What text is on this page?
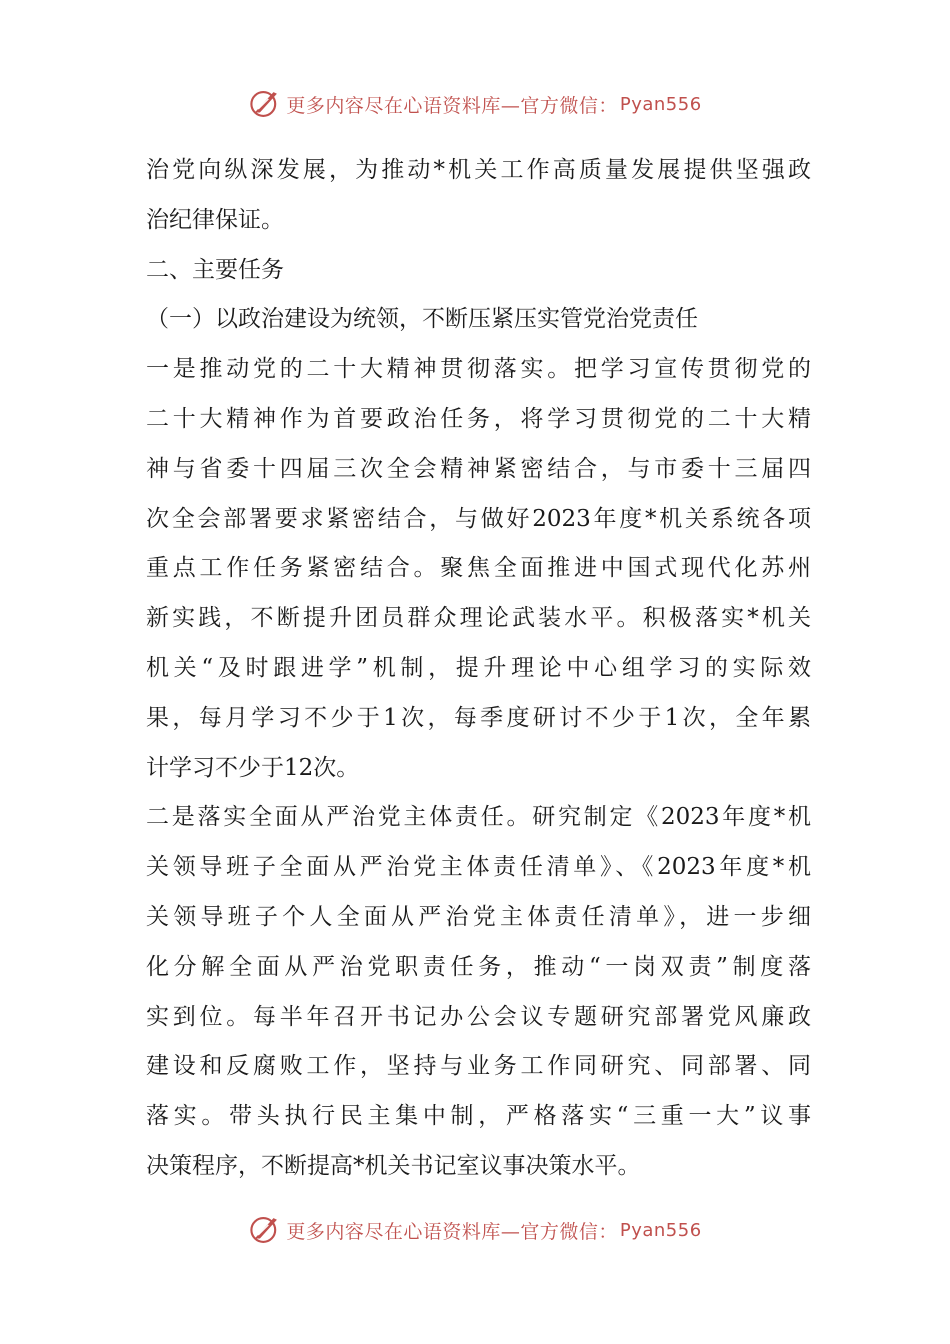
更多内容尽在心语资料库—官方微信： Pyan556
治党向纵深发展，为推动*机关工作高质量发展提供坚强政
治纪律保证。
二、主要任务
（一）以政治建设为统领，不断压紧压实管党治党责任
一是推动党的二十大精神贯彻落实。把学习宣传贯彻党的
二十大精神作为首要政治任务，将学习贯彻党的二十大精
神与省委十四届三次全会精神紧密结合，与市委十三届四
次全会部署要求紧密结合，与做好2023年度*机关系统各项
重点工作任务紧密结合。聚焦全面推进中国式现代化苏州
新实践，不断提升团员群众理论武装水平。积极落实*机关
机关“及时跟进学”机制，提升理论中心组学习的实际效
果，每月学习不少于1次，每季度研讨不少于1次，全年累
计学习不少于12次。
二是落实全面从严治党主体责任。研究制定《2023年度*机
关领导班子全面从严治党主体责任清单》、《2023年度*机
关领导班子个人全面从严治党主体责任清单》，进一步细
化分解全面从严治党职责任务，推动“一岗双责”制度落
实到位。每半年召开书记办公会议专题研究部署党风廉政
建设和反腐败工作，坚持与业务工作同研究、同部署、同
落实。带头执行民主集中制，严格落实“三重一大”议事
决策程序，不断提高*机关书记室议事决策水平。
更多内容尽在心语资料库—官方微信： Pyan556
